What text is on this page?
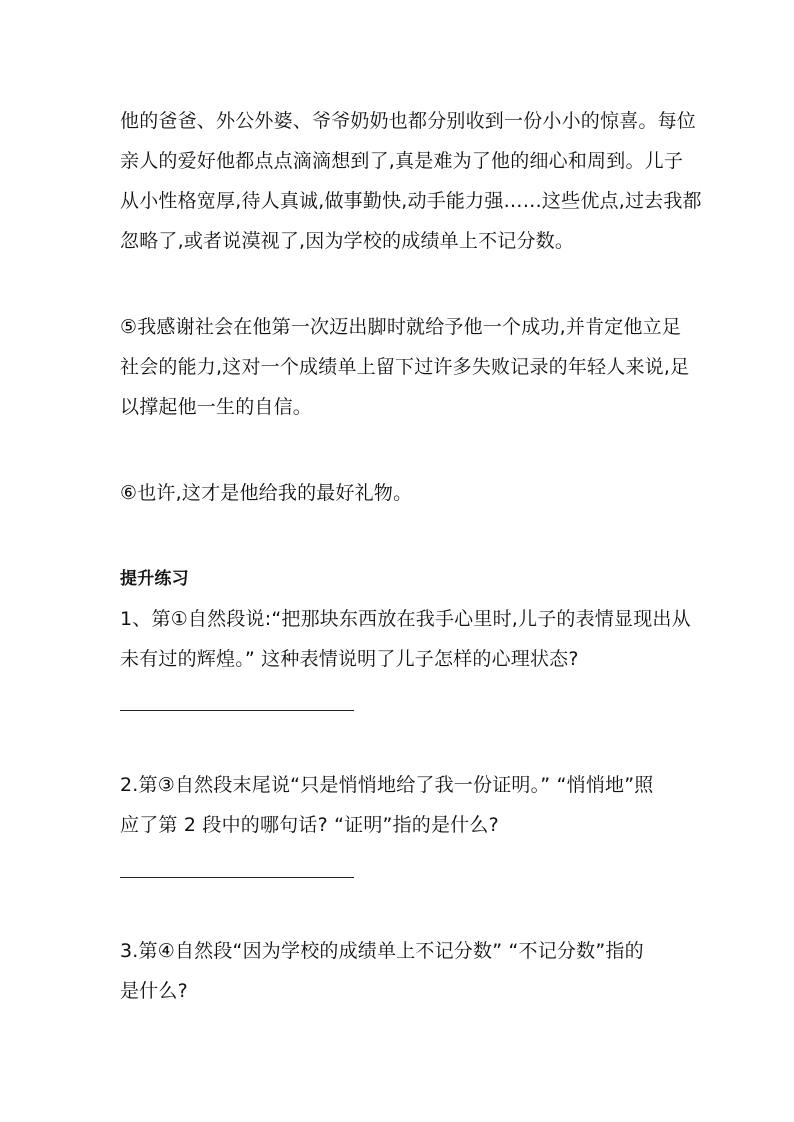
他的爸爸、外公外婆、爷爷奶奶也都分别收到一份小小的惊喜。每位
亲人的爱好他都点点滴滴想到了,真是难为了他的细心和周到。儿子
从小性格宽厚,待人真诚,做事勤快,动手能力强……这些优点,过去我都
忽略了,或者说漠视了,因为学校的成绩单上不记分数。
⑤我感谢社会在他第一次迈出脚时就给予他一个成功,并肯定他立足
社会的能力,这对一个成绩单上留下过许多失败记录的年轻人来说,足
以撑起他一生的自信。
⑥也许,这才是他给我的最好礼物。
提升练习
1、第①自然段说:“把那块东西放在我手心里时,儿子的表情显现出从
未有过的辉煌。” 这种表情说明了儿子怎样的心理状态?
2.第③自然段末尾说“只是悄悄地给了我一份证明。” “悄悄地”照
应了第 2 段中的哪句话? “证明”指的是什么?
3.第④自然段“因为学校的成绩单上不记分数” “不记分数”指的
是什么?
